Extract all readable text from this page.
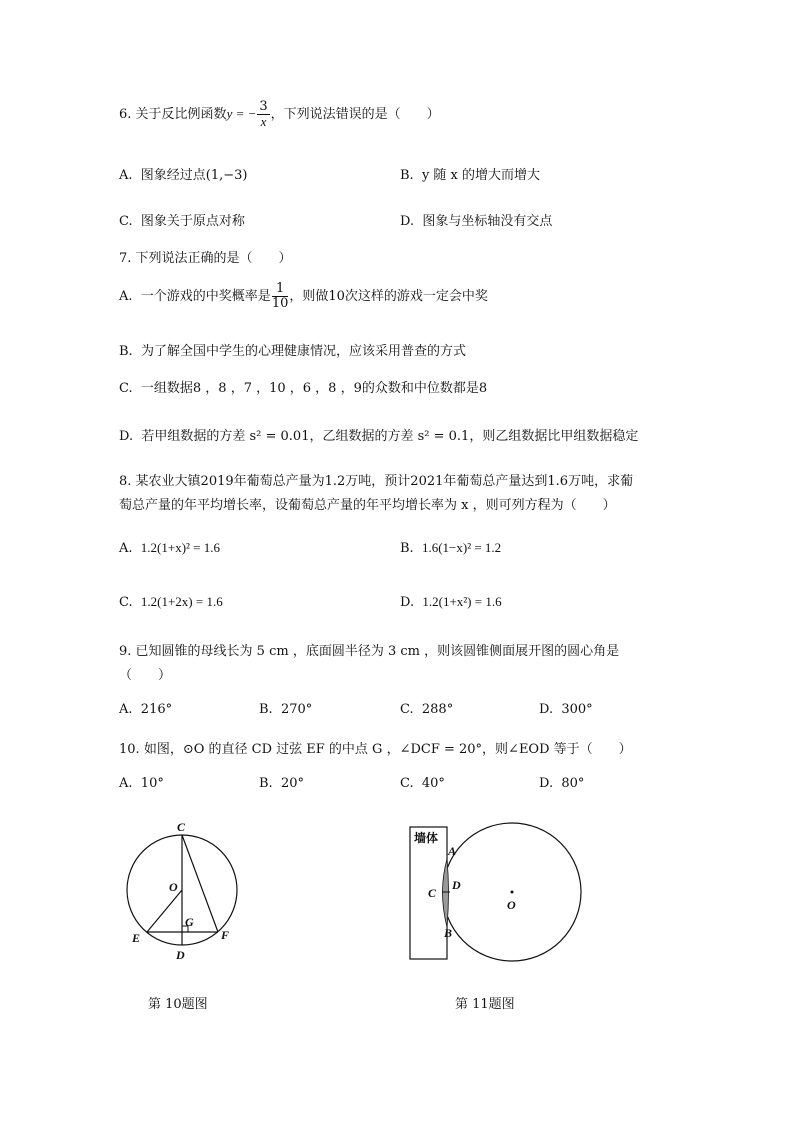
6. 关于反比例函数y = − $\frac{3}{x}$ ，下列说法错误的是（　　）
A. 图象经过点(1,−3)	B. y 随 x 的增大而增大
C. 图象关于原点对称	D. 图象与坐标轴没有交点
7. 下列说法正确的是（　　）
A. 一个游戏的中奖概率是 $\frac{1}{10}$ ，则做10次这样的游戏一定会中奖
B. 为了解全国中学生的心理健康情况，应该采用普查的方式
C. 一组数据8 ，8 ，7 ，10 ，6 ，8 ，9的众数和中位数都是8
D. 若甲组数据的方差 s² = 0.01，乙组数据的方差 s² = 0.1，则乙组数据比甲组数据稳定
8. 某农业大镇2019年葡萄总产量为1.2万吨，预计2021年葡萄总产量达到1.6万吨，求葡
萄总产量的年平均增长率，设葡萄总产量的年平均增长率为 x ，则可列方程为（　　）
A. 1.2(1+x)² = 1.6	B. 1.6(1−x)² = 1.2
C. 1.2(1+2x) = 1.6	D. 1.2(1+x²) = 1.6
9. 已知圆锥的母线长为 5 cm ，底面圆半径为 3 cm ，则该圆锥侧面展开图的圆心角是
（　　）
A. 216°	B. 270°	C. 288°	D. 300°
10. 如图，⊙O 的直径 CD 过弦 EF 的中点 G ，∠DCF = 20°，则∠EOD 等于（　　）
A. 10°	B. 20°	C. 40°	D. 80°
C
O
G
E	F
D
第 10题图
墙体
A
C
D
B
O
第 11题图
